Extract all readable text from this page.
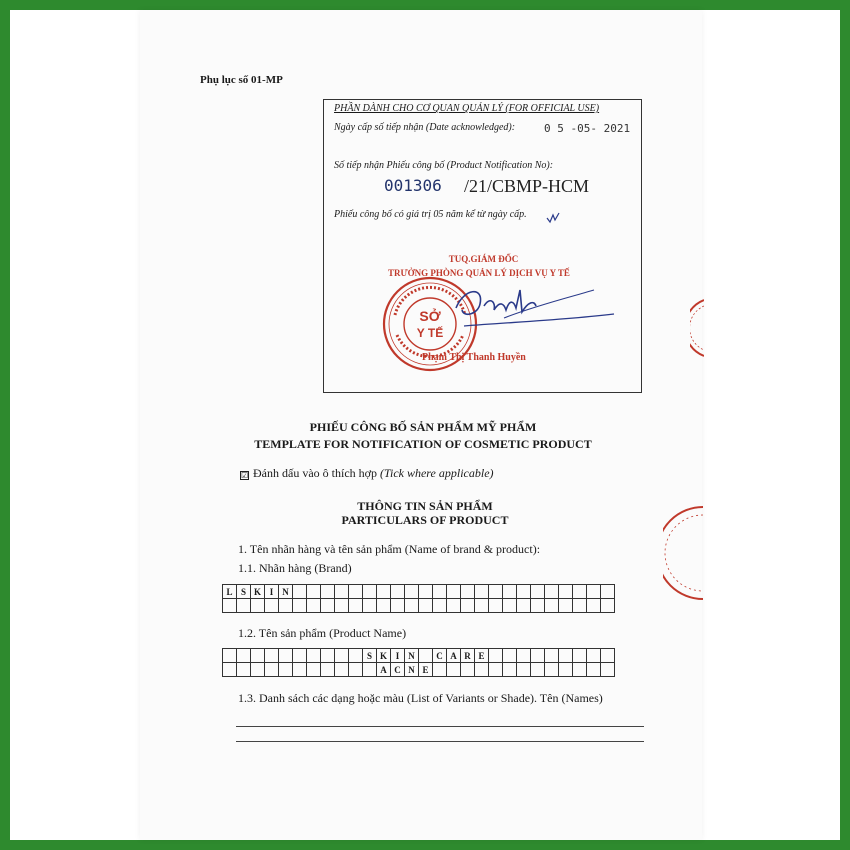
Phụ lục số 01-MP
PHẦN DÀNH CHO CƠ QUAN QUẢN LÝ (FOR OFFICIAL USE)
Ngày cấp số tiếp nhận (Date acknowledged):	0 5 -05- 2021
Số tiếp nhận Phiếu công bố (Product Notification No):
001306 /21/CBMP-HCM
Phiếu công bố có giá trị 05 năm kể từ ngày cấp.
TUQ.GIÁM ĐỐC
TRƯỞNG PHÒNG QUẢN LÝ DỊCH VỤ Y TẾ
SỞ
Y TẾ
Phạm Thị Thanh Huyền
PHIẾU CÔNG BỐ SẢN PHẨM MỸ PHẨM
TEMPLATE FOR NOTIFICATION OF COSMETIC PRODUCT
☑ Đánh dấu vào ô thích hợp (Tick where applicable)
THÔNG TIN SẢN PHẨM
PARTICULARS OF PRODUCT
1. Tên nhãn hàng và tên sản phẩm (Name of brand & product):
1.1. Nhãn hàng (Brand)
L	S	K	I	N																							

1.2. Tên sản phẩm (Product Name)
										S	K	I	N		C	A	R	E									
											A	C	N	E													
1.3. Danh sách các dạng hoặc màu (List of Variants or Shade). Tên (Names)
